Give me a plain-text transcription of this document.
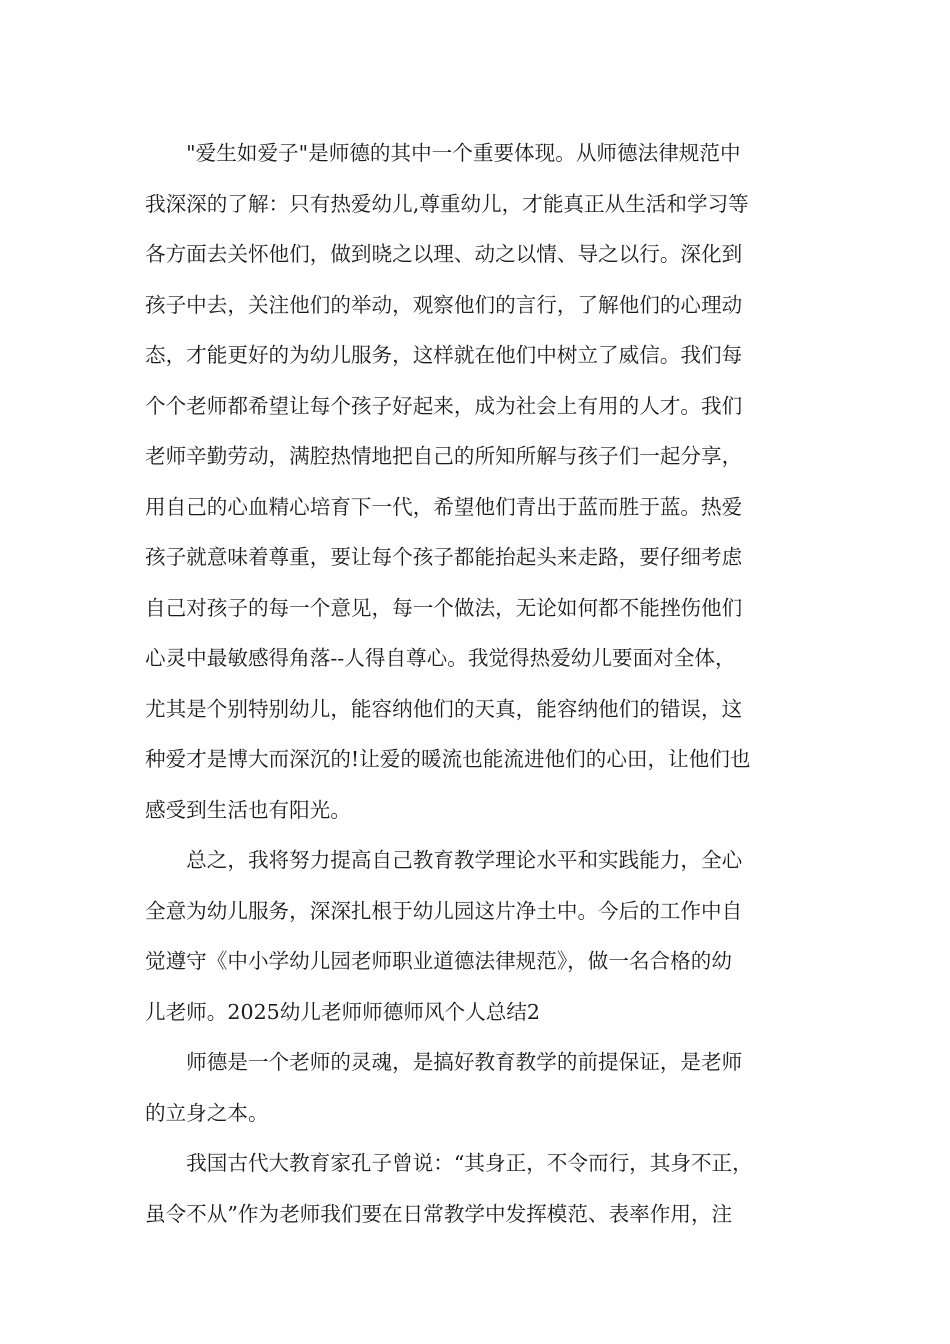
　　"爱生如爱子"是师德的其中一个重要体现。从师德法律规范中
我深深的了解：只有热爱幼儿,尊重幼儿，才能真正从生活和学习等
各方面去关怀他们，做到晓之以理、动之以情、导之以行。深化到
孩子中去，关注他们的举动，观察他们的言行，了解他们的心理动
态，才能更好的为幼儿服务，这样就在他们中树立了威信。我们每
个个老师都希望让每个孩子好起来，成为社会上有用的人才。我们
老师辛勤劳动，满腔热情地把自己的所知所解与孩子们一起分享，
用自己的心血精心培育下一代，希望他们青出于蓝而胜于蓝。热爱
孩子就意味着尊重，要让每个孩子都能抬起头来走路，要仔细考虑
自己对孩子的每一个意见，每一个做法，无论如何都不能挫伤他们
心灵中最敏感得角落--人得自尊心。我觉得热爱幼儿要面对全体，
尤其是个别特别幼儿，能容纳他们的天真，能容纳他们的错误，这
种爱才是博大而深沉的!让爱的暖流也能流进他们的心田，让他们也
感受到生活也有阳光。
　　总之，我将努力提高自己教育教学理论水平和实践能力，全心
全意为幼儿服务，深深扎根于幼儿园这片净土中。今后的工作中自
觉遵守《中小学幼儿园老师职业道德法律规范》，做一名合格的幼
儿老师。2025幼儿老师师德师风个人总结2
　　师德是一个老师的灵魂，是搞好教育教学的前提保证，是老师
的立身之本。
　　我国古代大教育家孔子曾说：“其身正，不令而行，其身不正，
虽令不从”作为老师我们要在日常教学中发挥模范、表率作用，注
